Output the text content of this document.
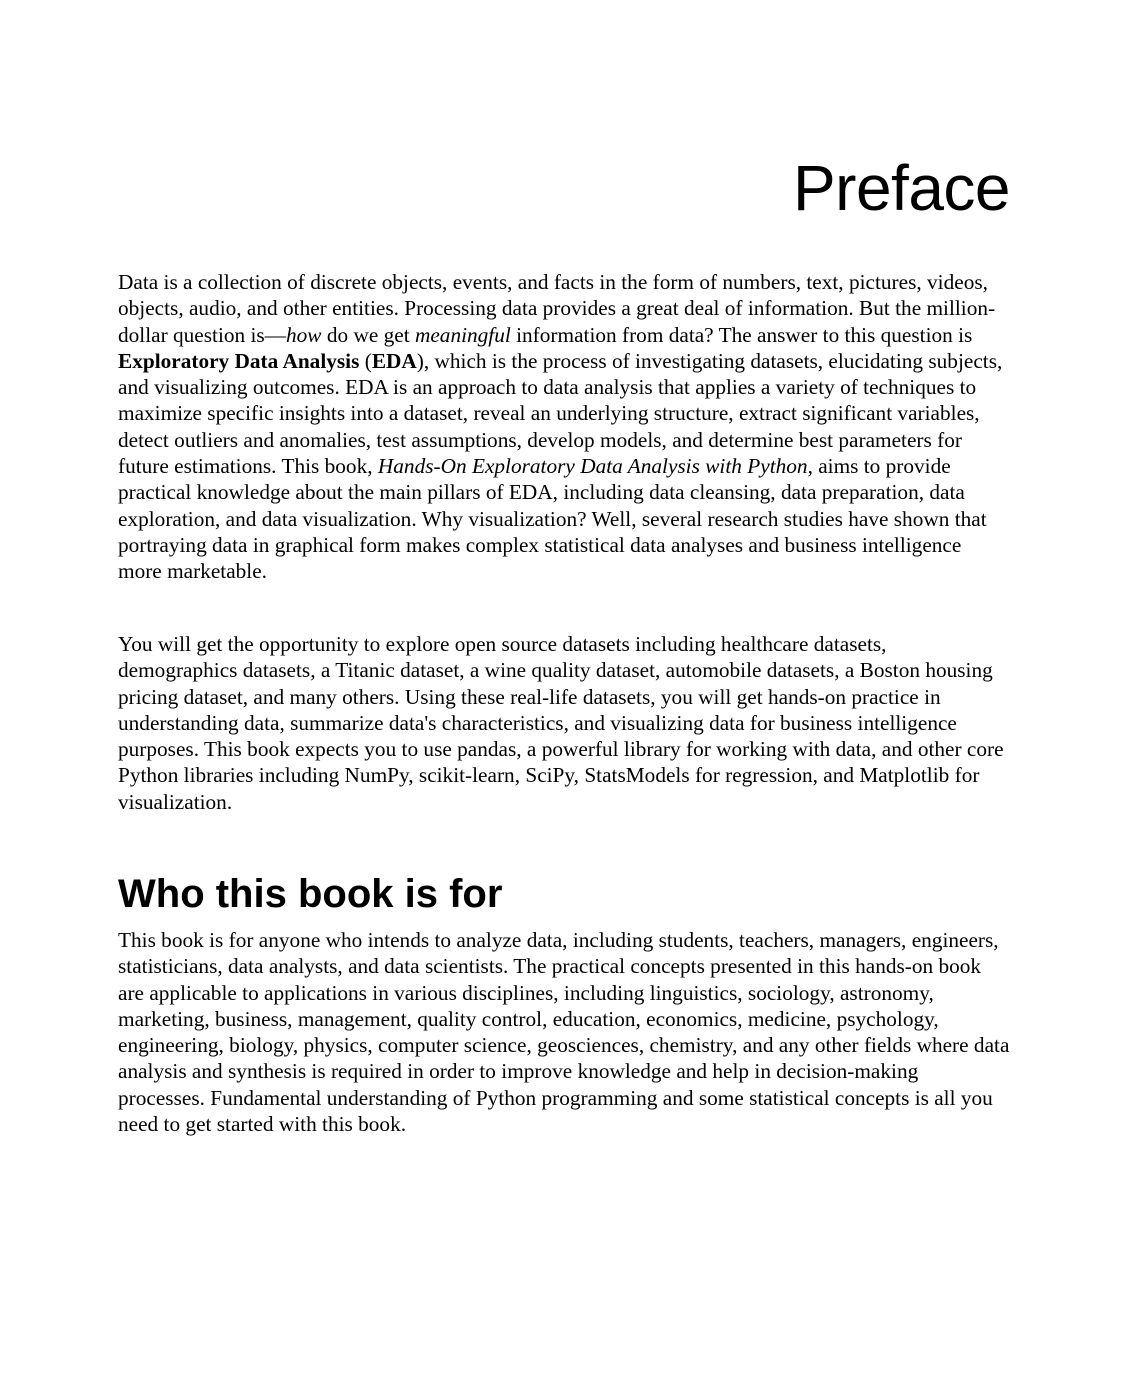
Preface

Data is a collection of discrete objects, events, and facts in the form of numbers, text, pictures, videos, objects, audio, and other entities. Processing data provides a great deal of information. But the million-dollar question is—how do we get meaningful information from data? The answer to this question is Exploratory Data Analysis (EDA), which is the process of investigating datasets, elucidating subjects, and visualizing outcomes. EDA is an approach to data analysis that applies a variety of techniques to maximize specific insights into a dataset, reveal an underlying structure, extract significant variables, detect outliers and anomalies, test assumptions, develop models, and determine best parameters for future estimations. This book, Hands-On Exploratory Data Analysis with Python, aims to provide practical knowledge about the main pillars of EDA, including data cleansing, data preparation, data exploration, and data visualization. Why visualization? Well, several research studies have shown that portraying data in graphical form makes complex statistical data analyses and business intelligence more marketable.

You will get the opportunity to explore open source datasets including healthcare datasets, demographics datasets, a Titanic dataset, a wine quality dataset, automobile datasets, a Boston housing pricing dataset, and many others. Using these real-life datasets, you will get hands-on practice in understanding data, summarize data's characteristics, and visualizing data for business intelligence purposes. This book expects you to use pandas, a powerful library for working with data, and other core Python libraries including NumPy, scikit-learn, SciPy, StatsModels for regression, and Matplotlib for visualization.

Who this book is for

This book is for anyone who intends to analyze data, including students, teachers, managers, engineers, statisticians, data analysts, and data scientists. The practical concepts presented in this hands-on book are applicable to applications in various disciplines, including linguistics, sociology, astronomy, marketing, business, management, quality control, education, economics, medicine, psychology, engineering, biology, physics, computer science, geosciences, chemistry, and any other fields where data analysis and synthesis is required in order to improve knowledge and help in decision-making processes. Fundamental understanding of Python programming and some statistical concepts is all you need to get started with this book.
